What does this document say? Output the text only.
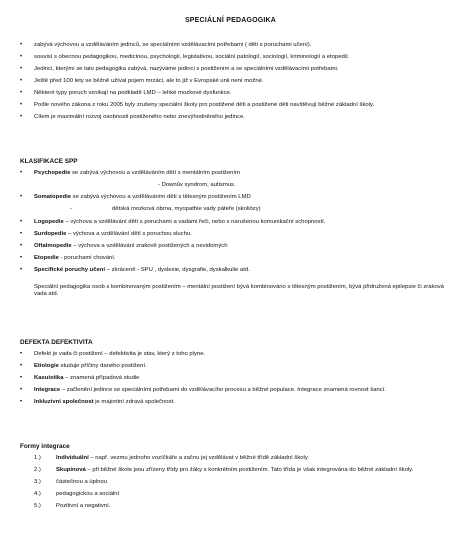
SPECIÁLNÍ PEDAGOGIKA
• zabývá výchovou a vzděláváním jedinců, se speciálními vzdělávacími potřebami ( děti s poruchami učení).
• souvisí s obecnou pedagogikou, medicínou, psychologií, legislativou, sociální patologií, sociologií, kriminologií a etopedií.
• Jedinci, kterými se tato pedagogika zabývá, nazýváme jedinci s postižením a se speciálními vzdělávacími potřebami.
• Ještě před 100 lety se běžně užíval pojem mrzáci, ale to již v Evropské unii není možné.
• Některé typy poruch vznikají na podkladě LMD – lehké mozkové dysfunkce.
• Podle nového zákona z roku 2005 byly zrušeny speciální školy pro postižené děti a postižené děti navštěvují běžné základní školy.
• Cílem je maximální rozvoj osobnosti postiženého nebo znevýhodněného jedince.
KLASIFIKACE SPP
• Psychopedie se zabývá výchovou a vzděláváním dětí s mentálním postižením
- Downův syndrom, autismus.
• Somatopedie se zabývá výchovou a vzděláváním dětí s tělesným postižením LMD
-	dětská mozková obrna, myopathie vady páteře (skoliózy)
• Logopedie – výchova a vzdělávání dětí s poruchami a vadami řeči, nebo s narušenou komunikační schopností.
• Surdopedie – výchova a vzdělávání dětí s poruchou sluchu.
• Oftalmopedie – výchova a vzdělávání zrakově postižených a nevidomých
• Etopedie - poruchami chování.
• Specifické poruchy učení – zkráceně - SPU , dyslexie, dysgrafie, dyskalkulie atd.

Speciální pedagogika osob s kombinovaným postižením – mentální postižení bývá kombinováno s tělesným postižením, bývá přidružená epilepsie či zraková vada atd.

DEFEKTA DEFEKTIVITA
• Defekt je vada či postižení – defektivita je stav, který z toho plyne.
• Etiologie studuje příčiny daného postižení.
• Kasuistika – znamená případová studie
• Integrace – začlenění jedince se speciálními potřebami do vzdělávacího procesu a běžné populace. Integrace znamená rovnost šancí.
• Inkluzivní společnost je majoritní zdravá společnost.
Formy integrace
1.)	Individuální – např. vezmu jednoho vozíčkáře a začnu jej vzdělávat v běžné třídě základní školy.
2.)	Skupinová – při běžné škole jsou zřízeny třídy pro žáky s konkrétním postižením. Tato třída je však integrována do běžné základní školy.
3.)	částečnou a úplnou
4.)	pedagogickou a sociální
5.)	Pozitivní a negativní.
